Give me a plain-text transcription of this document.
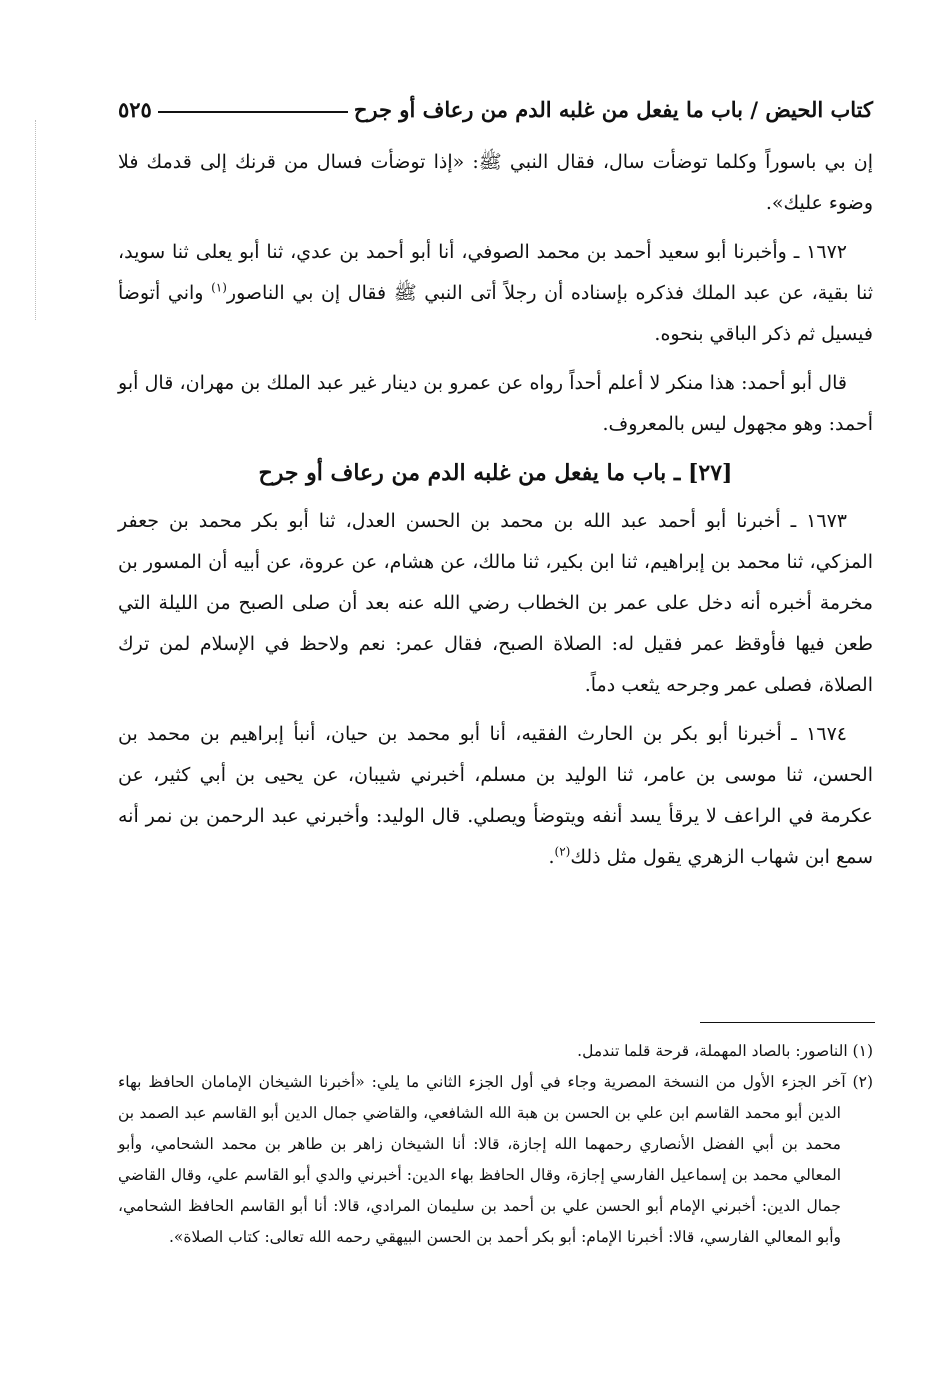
٥٢٥	كتاب الحيض / باب ما يفعل من غلبه الدم من رعاف أو جرح

إن بي باسوراً وكلما توضأت سال، فقال النبي ﷺ: «إذا توضأت فسال من قرنك إلى قدمك فلا وضوء عليك».

١٦٧٢ ـ وأخبرنا أبو سعيد أحمد بن محمد الصوفي، أنا أبو أحمد بن عدي، ثنا أبو يعلى ثنا سويد، ثنا بقية، عن عبد الملك فذكره بإسناده أن رجلاً أتى النبي ﷺ فقال إن بي الناصور$^{(١)}$ واني أتوضأ فيسيل ثم ذكر الباقي بنحوه.

قال أبو أحمد: هذا منكر لا أعلم أحداً رواه عن عمرو بن دينار غير عبد الملك بن مهران، قال أبو أحمد: وهو مجهول ليس بالمعروف.

[٢٧] ـ باب ما يفعل من غلبه الدم من رعاف أو جرح

١٦٧٣ ـ أخبرنا أبو أحمد عبد الله بن محمد بن الحسن العدل، ثنا أبو بكر محمد بن جعفر المزكي، ثنا محمد بن إبراهيم، ثنا ابن بكير، ثنا مالك، عن هشام، عن عروة، عن أبيه أن المسور بن مخرمة أخبره أنه دخل على عمر بن الخطاب رضي الله عنه بعد أن صلى الصبح من الليلة التي طعن فيها فأوقظ عمر فقيل له: الصلاة الصبح، فقال عمر: نعم ولاحظ في الإسلام لمن ترك الصلاة، فصلى عمر وجرحه يثعب دماً.

١٦٧٤ ـ أخبرنا أبو بكر بن الحارث الفقيه، أنا أبو محمد بن حيان، أنبأ إبراهيم بن محمد بن الحسن، ثنا موسى بن عامر، ثنا الوليد بن مسلم، أخبرني شيبان، عن يحيى بن أبي كثير، عن عكرمة في الراعف لا يرقأ يسد أنفه ويتوضأ ويصلي. قال الوليد: وأخبرني عبد الرحمن بن نمر أنه سمع ابن شهاب الزهري يقول مثل ذلك$^{(٢)}$.

(١) الناصور: بالصاد المهملة، قرحة قلما تندمل.

(٢) آخر الجزء الأول من النسخة المصرية وجاء في أول الجزء الثاني ما يلي: «أخبرنا الشيخان الإمامان الحافظ بهاء الدين أبو محمد القاسم ابن علي بن الحسن بن هبة الله الشافعي، والقاضي جمال الدين أبو القاسم عبد الصمد بن محمد بن أبي الفضل الأنصاري رحمهما الله إجازة، قالا: أنا الشيخان زاهر بن طاهر بن محمد الشحامي، وأبو المعالي محمد بن إسماعيل الفارسي إجازة، وقال الحافظ بهاء الدين: أخبرني والدي أبو القاسم علي، وقال القاضي جمال الدين: أخبرني الإمام أبو الحسن علي بن أحمد بن سليمان المرادي، قالا: أنا أبو القاسم الحافظ الشحامي، وأبو المعالي الفارسي، قالا: أخبرنا الإمام: أبو بكر أحمد بن الحسن البيهقي رحمه الله تعالى: كتاب الصلاة».
